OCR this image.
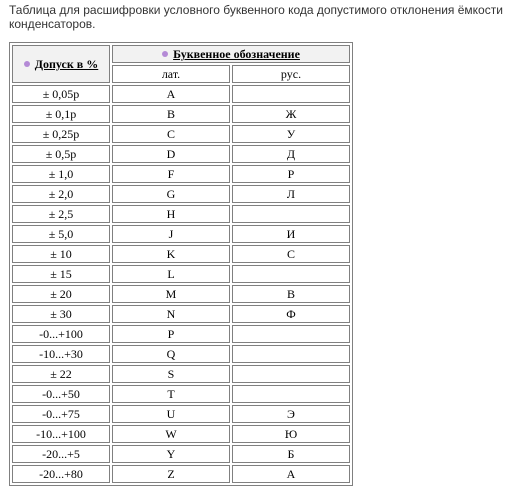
Таблица для расшифровки условного буквенного кода допустимого отклонения ёмкости конденсаторов.
Допуск в %	Буквенное обозначение	
	лат.	рус.
± 0,05p	A	
± 0,1p	B	Ж
± 0,25p	C	У
± 0,5p	D	Д
± 1,0	F	Р
± 2,0	G	Л
± 2,5	H	
± 5,0	J	И
± 10	K	С
± 15	L	
± 20	M	В
± 30	N	Ф
-0...+100	P	
-10...+30	Q	
± 22	S	
-0...+50	T	
-0...+75	U	Э
-10...+100	W	Ю
-20...+5	Y	Б
-20...+80	Z	А
